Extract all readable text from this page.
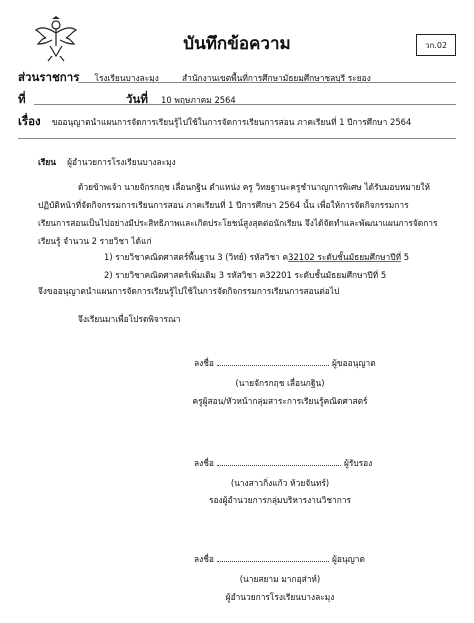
บันทึกข้อความ	วก.02
ส่วนราชการ โรงเรียนบางละมุง	สำนักงานเขตพื้นที่การศึกษามัธยมศึกษาชลบุรี ระยอง
ที่	วันที่ 10 พฤษภาคม 2564
เรื่อง ขออนุญาตนำแผนการจัดการเรียนรู้ไปใช้ในการจัดการเรียนการสอน ภาคเรียนที่ 1 ปีการศึกษา 2564
เรียน ผู้อำนวยการโรงเรียนบางละมุง
ด้วยข้าพเจ้า นายจักรกฤช เลื่อนกฐิน ตำแหน่ง ครู วิทยฐานะครูชำนาญการพิเศษ ได้รับมอบหมายให้
ปฏิบัติหน้าที่จัดกิจกรรมการเรียนการสอน ภาคเรียนที่ 1 ปีการศึกษา 2564 นั้น เพื่อให้การจัดกิจกรรมการ
เรียนการสอนเป็นไปอย่างมีประสิทธิภาพและเกิดประโยชน์สูงสุดต่อนักเรียน จึงได้จัดทำและพัฒนาแผนการจัดการ
เรียนรู้ จำนวน 2 รายวิชา ได้แก่
1) รายวิชาคณิตศาสตร์พื้นฐาน 3 (วิทย์) รหัสวิชา ค32102 ระดับชั้นมัธยมศึกษาปีที่ 5
2) รายวิชาคณิตศาสตร์เพิ่มเติม 3 รหัสวิชา ค32201 ระดับชั้นมัธยมศึกษาปีที่ 5
จึงขออนุญาตนำแผนการจัดการเรียนรู้ไปใช้ในการจัดกิจกรรมการเรียนการสอนต่อไป
จึงเรียนมาเพื่อโปรดพิจารณา
ลงชื่อ	ผู้ขออนุญาต
(นายจักรกฤช เลื่อนกฐิน)
ครูผู้สอน/หัวหน้ากลุ่มสาระการเรียนรู้คณิตศาสตร์
ลงชื่อ	ผู้รับรอง
(นางสาวกิ่งแก้ว ห้วยจันทร์)
รองผู้อำนวยการกลุ่มบริหารงานวิชาการ
ลงชื่อ	ผู้อนุญาต
(นายสยาม มากอุส่าห์)
ผู้อำนวยการโรงเรียนบางละมุง
